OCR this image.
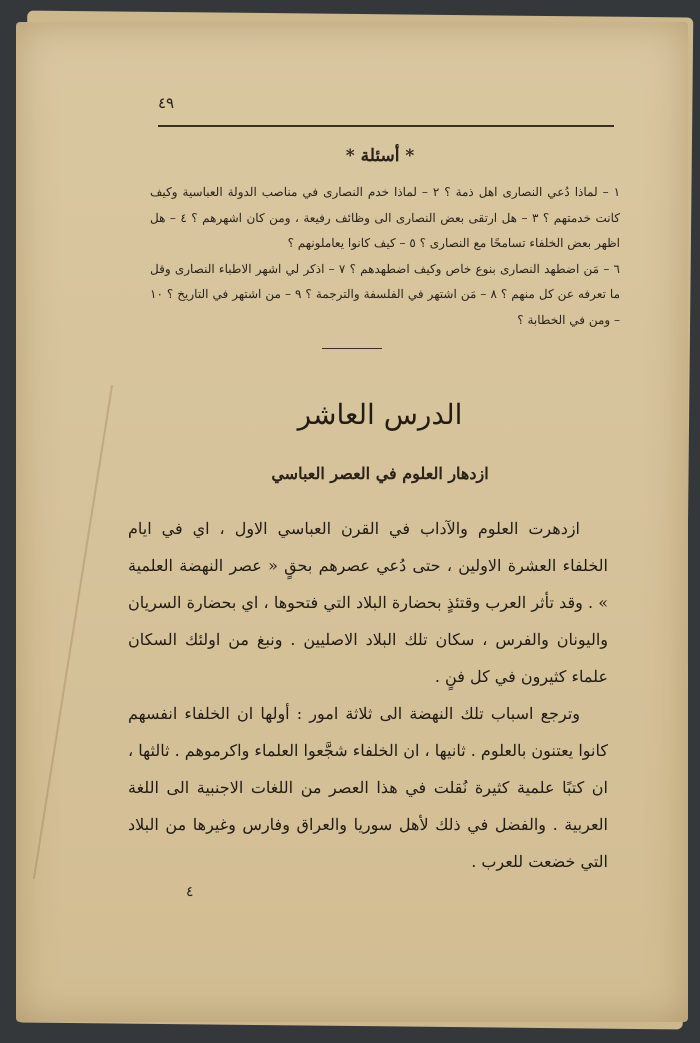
٤٩
* أسئلة *

١ – لماذا دُعي النصارى اهل ذمة ؟ ٢ – لماذا خدم النصارى في مناصب الدولة العباسية وكيف كانت خدمتهم ؟ ٣ – هل ارتقى بعض النصارى الى وظائف رفيعة ، ومن كان اشهرهم ؟ ٤ – هل اظهر بعض الخلفاء تسامحًا مع النصارى ؟ ٥ – كيف كانوا يعاملونهم ؟

٦ – مَن اضطهد النصارى بنوع خاص وكيف اضطهدهم ؟ ٧ – اذكر لي اشهر الاطباء النصارى وقل ما تعرفه عن كل منهم ؟ ٨ – مَن اشتهر في الفلسفة والترجمة ؟ ٩ – من اشتهر في التاريخ ؟ ١٠ – ومن في الخطابة ؟

الدرس العاشر
ازدهار العلوم في العصر العباسي

ازدهرت العلوم والآداب في القرن العباسي الاول ، اي في ايام الخلفاء العشرة الاولين ، حتى دُعي عصرهم بحقٍ « عصر النهضة العلمية » . وقد تأثر العرب وقتئذٍ بحضارة البلاد التي فتحوها ، اي بحضارة السريان واليونان والفرس ، سكان تلك البلاد الاصليين . ونبغ من اولئك السكان علماء كثيرون في كل فنٍ .

وترجع اسباب تلك النهضة الى ثلاثة امور : أولها ان الخلفاء انفسهم كانوا يعتنون بالعلوم . ثانيها ، ان الخلفاء شجَّعوا العلماء واكرموهم . ثالثها ، ان كتبًا علمية كثيرة نُقلت في هذا العصر من اللغات الاجنبية الى اللغة العربية . والفضل في ذلك لأهل سوريا والعراق وفارس وغيرها من البلاد التي خضعت للعرب .

٤
